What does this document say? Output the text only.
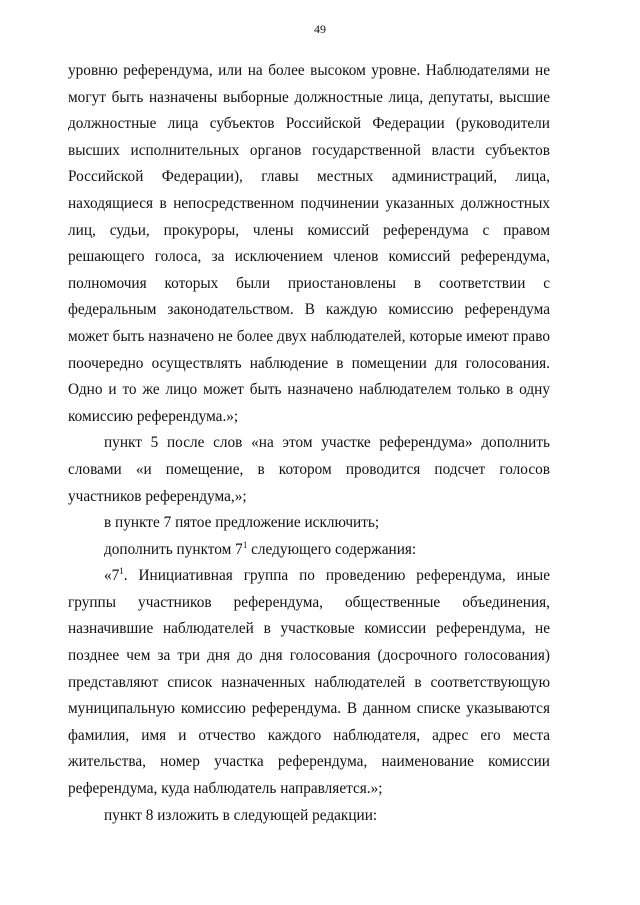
49

уровню референдума, или на более высоком уровне. Наблюдателями не могут быть назначены выборные должностные лица, депутаты, высшие должностные лица субъектов Российской Федерации (руководители высших исполнительных органов государственной власти субъектов Российской Федерации), главы местных администраций, лица, находящиеся в непосредственном подчинении указанных должностных лиц, судьи, прокуроры, члены комиссий референдума с правом решающего голоса, за исключением членов комиссий референдума, полномочия которых были приостановлены в соответствии с федеральным законодательством. В каждую комиссию референдума может быть назначено не более двух наблюдателей, которые имеют право поочередно осуществлять наблюдение в помещении для голосования. Одно и то же лицо может быть назначено наблюдателем только в одну комиссию референдума.»;

пункт 5 после слов «на этом участке референдума» дополнить словами «и помещение, в котором проводится подсчет голосов участников референдума,»;

в пункте 7 пятое предложение исключить;

дополнить пунктом $7^1$ следующего содержания:

«$7^1$. Инициативная группа по проведению референдума, иные группы участников референдума, общественные объединения, назначившие наблюдателей в участковые комиссии референдума, не позднее чем за три дня до дня голосования (досрочного голосования) представляют список назначенных наблюдателей в соответствующую муниципальную комиссию референдума. В данном списке указываются фамилия, имя и отчество каждого наблюдателя, адрес его места жительства, номер участка референдума, наименование комиссии референдума, куда наблюдатель направляется.»;

пункт 8 изложить в следующей редакции:
